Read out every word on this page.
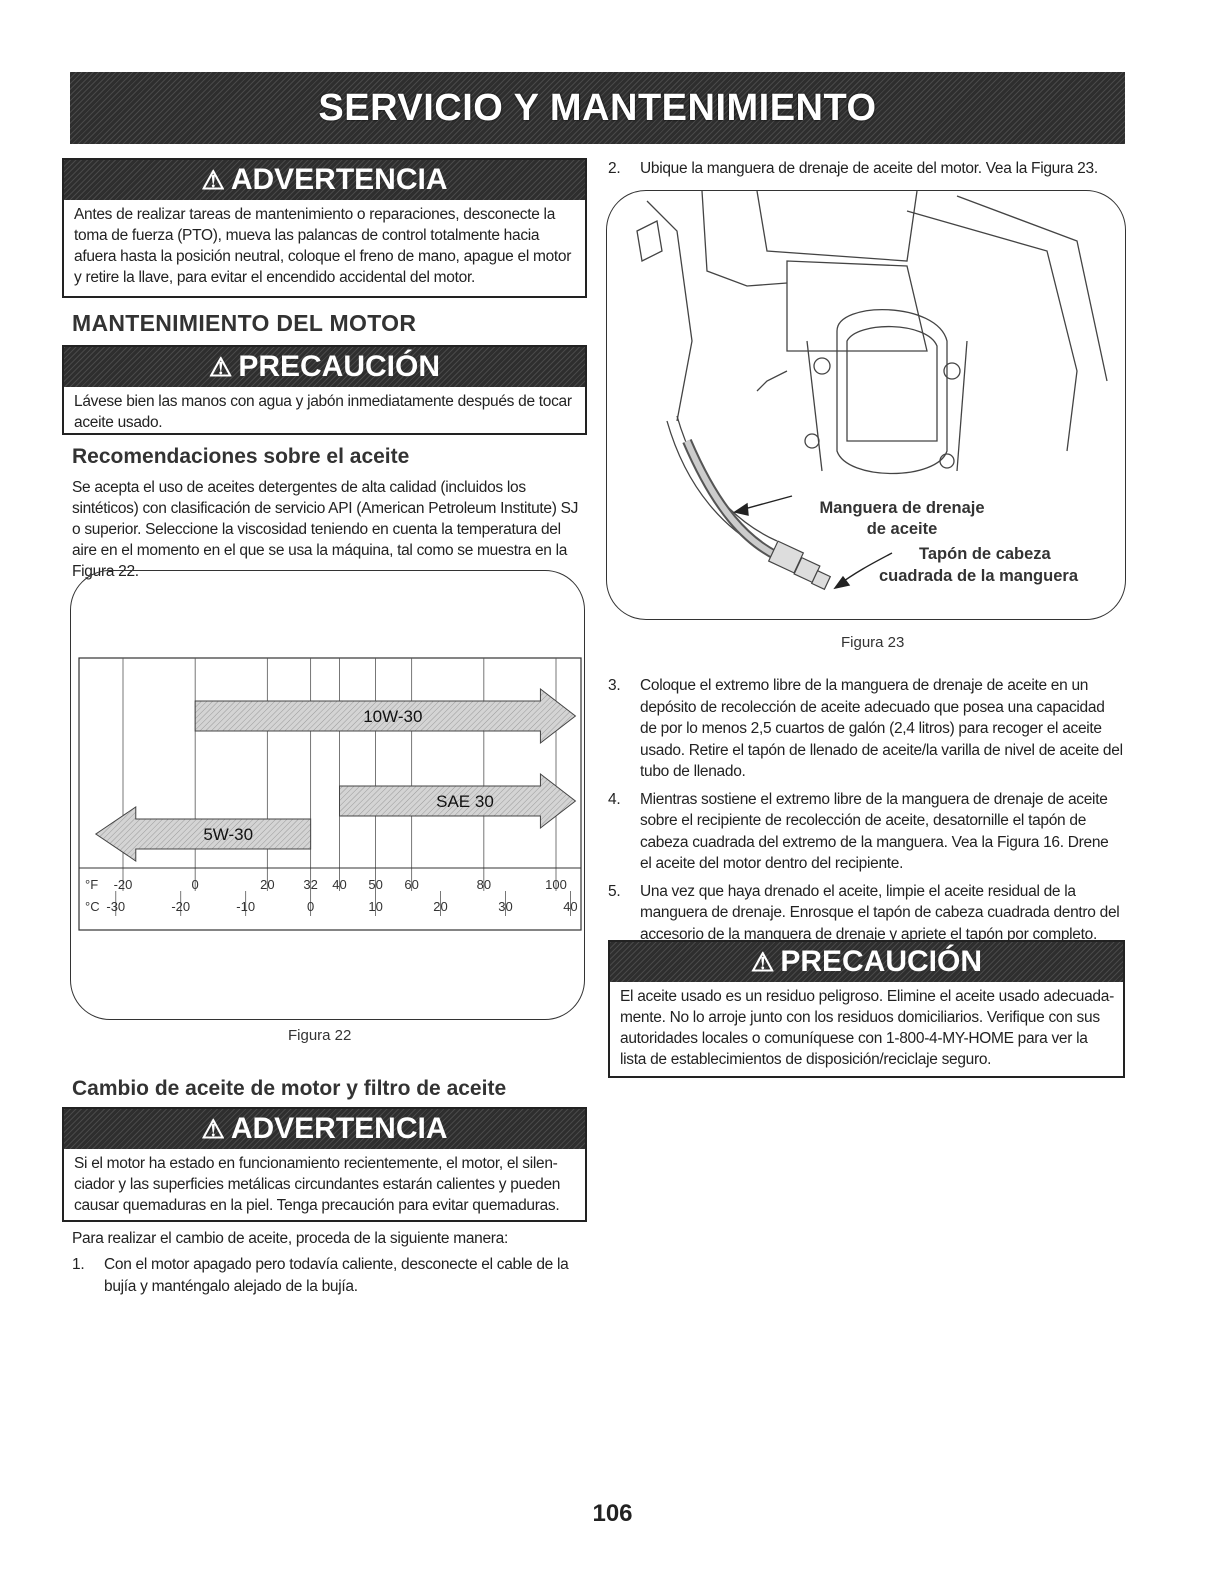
SERVICIO Y MANTENIMIENTO
⚠ ADVERTENCIA
Antes de realizar tareas de mantenimiento o reparaciones, desconecte la toma de fuerza (PTO), mueva las palancas de control totalmente hacia afuera hasta la posición neutral, coloque el freno de mano, apague el motor y retire la llave, para evitar el encendido accidental del motor.
MANTENIMIENTO DEL MOTOR
⚠ PRECAUCIÓN
Lávese bien las manos con agua y jabón inmediatamente después de tocar aceite usado.
Recomendaciones sobre el aceite
Se acepta el uso de aceites detergentes de alta calidad (incluidos los sintéticos) con clasificación de servicio API (American Petroleum Institute) SJ o superior. Seleccione la viscosidad teniendo en cuenta la temperatura del aire en el momento en el que se usa la máquina, tal como se muestra en la Figura 22.
10W-30
SAE 30
5W-30
°F -20	0	20 32 40 50 60	80	100
°C -30	-20	-10	0	10	20	30	40
Figura 22
Cambio de aceite de motor y filtro de aceite
⚠ ADVERTENCIA
Si el motor ha estado en funcionamiento recientemente, el motor, el silen-ciador y las superficies metálicas circundantes estarán calientes y pueden causar quemaduras en la piel. Tenga precaución para evitar quemaduras.
Para realizar el cambio de aceite, proceda de la siguiente manera:
1.	Con el motor apagado pero todavía caliente, desconecte el cable de la bujía y manténgalo alejado de la bujía.
2.	Ubique la manguera de drenaje de aceite del motor. Vea la Figura 23.
Manguera de drenaje
de aceite
Tapón de cabeza
cuadrada de la manguera
Figura 23
3.	Coloque el extremo libre de la manguera de drenaje de aceite en un depósito de recolección de aceite adecuado que posea una capacidad de por lo menos 2,5 cuartos de galón (2,4 litros) para recoger el aceite usado. Retire el tapón de llenado de aceite/la varilla de nivel de aceite del tubo de llenado.
4.	Mientras sostiene el extremo libre de la manguera de drenaje de aceite sobre el recipiente de recolección de aceite, desatornille el tapón de cabeza cuadrada del extremo de la manguera. Vea la Figura 16. Drene el aceite del motor dentro del recipiente.
5.	Una vez que haya drenado el aceite, limpie el aceite residual de la manguera de drenaje. Enrosque el tapón de cabeza cuadrada dentro del accesorio de la manguera de drenaje y apriete el tapón por completo.
⚠ PRECAUCIÓN
El aceite usado es un residuo peligroso. Elimine el aceite usado adecuada-mente. No lo arroje junto con los residuos domiciliarios. Verifique con sus autoridades locales o comuníquese con 1-800-4-MY-HOME para ver la lista de establecimientos de disposición/reciclaje seguro.
106
